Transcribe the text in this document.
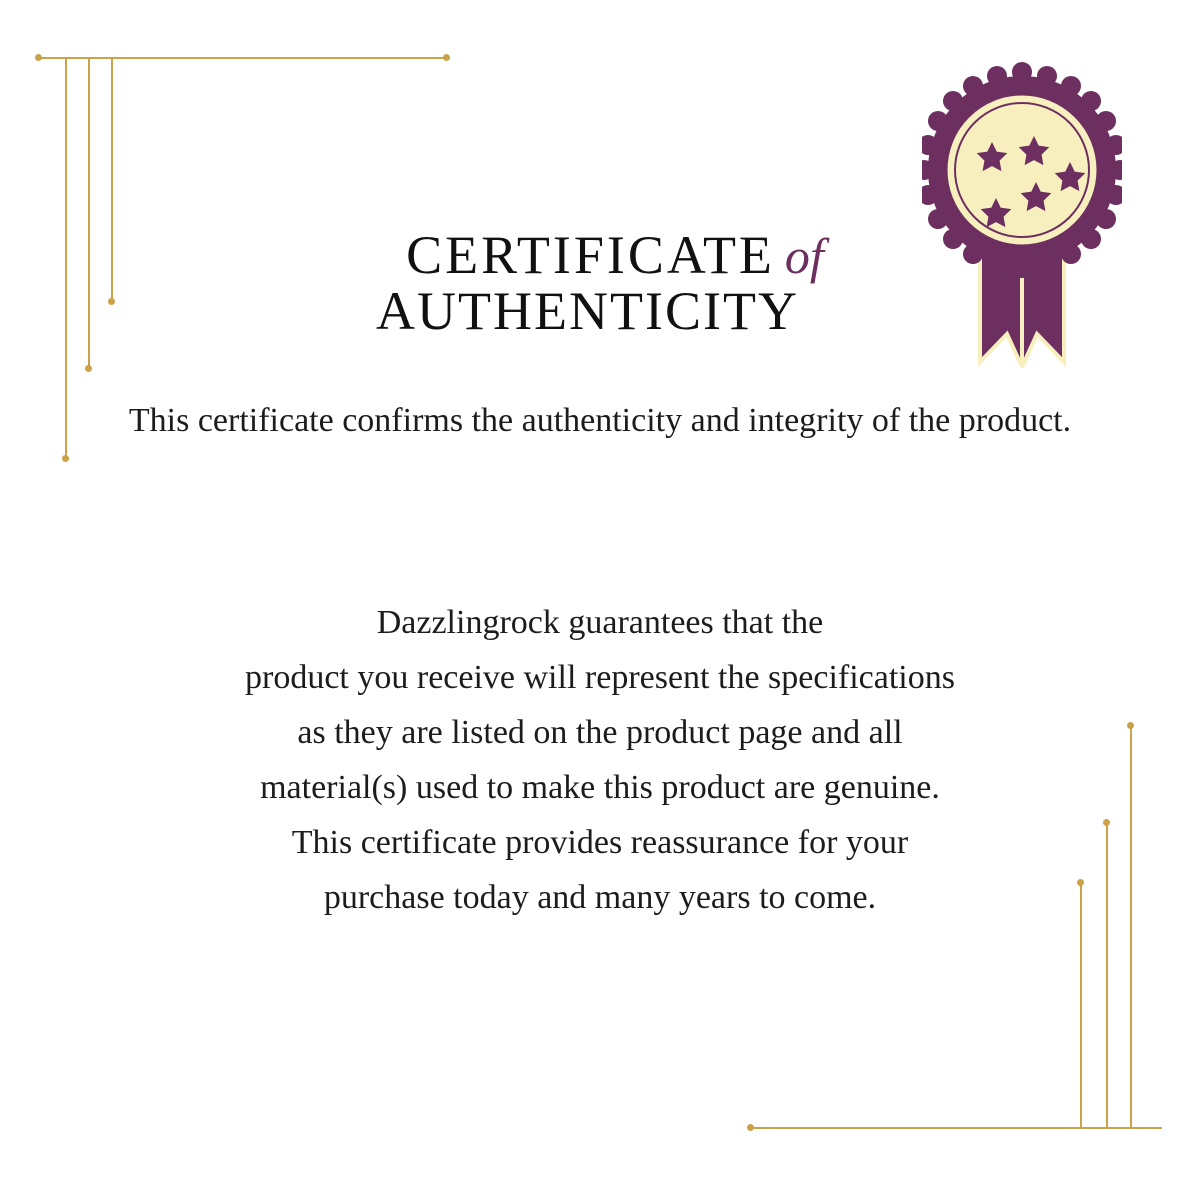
CERTIFICATE of
AUTHENTICITY
This certificate confirms the authenticity and integrity of the product.
Dazzlingrock guarantees that the
product you receive will represent the specifications
as they are listed on the product page and all
material(s) used to make this product are genuine.
This certificate provides reassurance for your
purchase today and many years to come.
